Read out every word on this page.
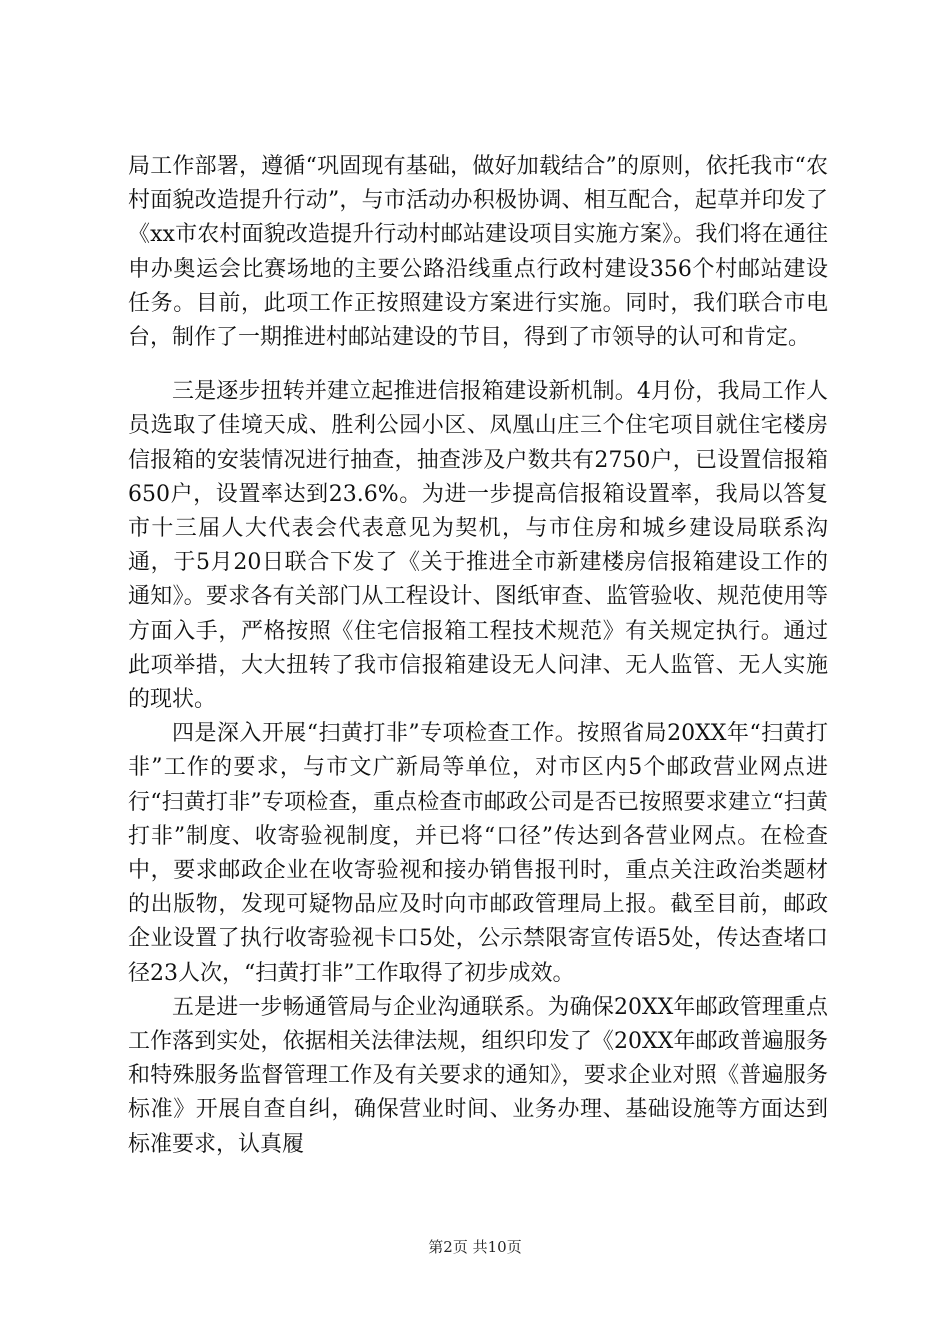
局工作部署，遵循“巩固现有基础，做好加载结合”的原则，依托我市“农村面貌改造提升行动”，与市活动办积极协调、相互配合，起草并印发了《xx市农村面貌改造提升行动村邮站建设项目实施方案》。我们将在通往申办奥运会比赛场地的主要公路沿线重点行政村建设356个村邮站建设任务。目前，此项工作正按照建设方案进行实施。同时，我们联合市电台，制作了一期推进村邮站建设的节目，得到了市领导的认可和肯定。

三是逐步扭转并建立起推进信报箱建设新机制。4月份，我局工作人员选取了佳境天成、胜利公园小区、凤凰山庄三个住宅项目就住宅楼房信报箱的安装情况进行抽查，抽查涉及户数共有2750户，已设置信报箱650户，设置率达到23.6%。为进一步提高信报箱设置率，我局以答复市十三届人大代表会代表意见为契机，与市住房和城乡建设局联系沟通，于5月20日联合下发了《关于推进全市新建楼房信报箱建设工作的通知》。要求各有关部门从工程设计、图纸审查、监管验收、规范使用等方面入手，严格按照《住宅信报箱工程技术规范》有关规定执行。通过此项举措，大大扭转了我市信报箱建设无人问津、无人监管、无人实施的现状。

四是深入开展“扫黄打非”专项检查工作。按照省局20XX年“扫黄打非”工作的要求，与市文广新局等单位，对市区内5个邮政营业网点进行“扫黄打非”专项检查，重点检查市邮政公司是否已按照要求建立“扫黄打非”制度、收寄验视制度，并已将“口径”传达到各营业网点。在检查中，要求邮政企业在收寄验视和接办销售报刊时，重点关注政治类题材的出版物，发现可疑物品应及时向市邮政管理局上报。截至目前，邮政企业设置了执行收寄验视卡口5处，公示禁限寄宣传语5处，传达查堵口径23人次，“扫黄打非”工作取得了初步成效。

五是进一步畅通管局与企业沟通联系。为确保20XX年邮政管理重点工作落到实处，依据相关法律法规，组织印发了《20XX年邮政普遍服务和特殊服务监督管理工作及有关要求的通知》，要求企业对照《普遍服务标准》开展自查自纠，确保营业时间、业务办理、基础设施等方面达到标准要求，认真履

第2页 共10页
